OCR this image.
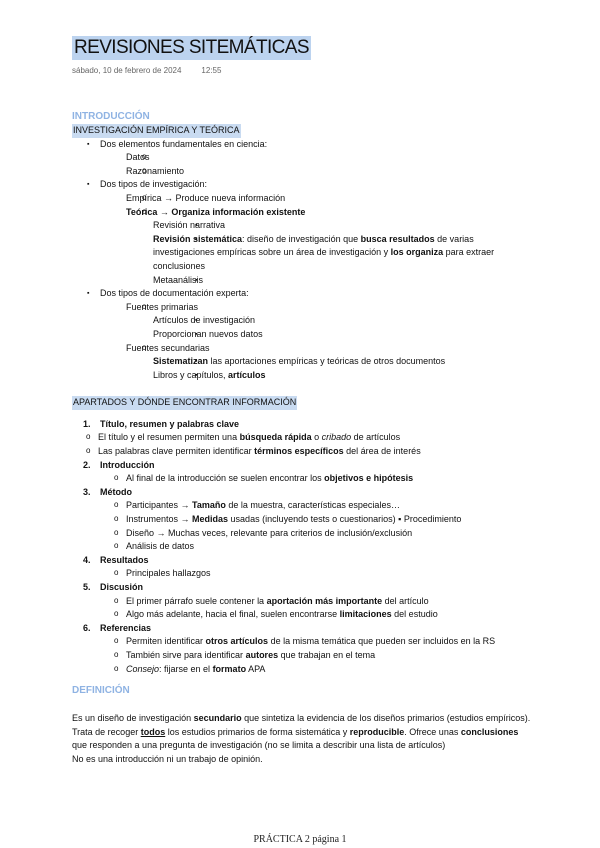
REVISIONES SITEMÁTICAS
sábado, 10 de febrero de 2024	12:55
INTRODUCCIÓN
INVESTIGACIÓN EMPÍRICA Y TEÓRICA
▪ Dos elementos fundamentales en ciencia:
o Datos
o Razonamiento
▪ Dos tipos de investigación:
o Empírica → Produce nueva información
o Teórica → Organiza información existente
▪ Revisión narrativa
▪ Revisión sistemática: diseño de investigación que busca resultados de varias investigaciones empíricas sobre un área de investigación y los organiza para extraer conclusiones
▪ Metaanálisis
▪ Dos tipos de documentación experta:
o Fuentes primarias
▪ Artículos de investigación
▪ Proporcionan nuevos datos
o Fuentes secundarias
▪ Sistematizan las aportaciones empíricas y teóricas de otros documentos
▪ Libros y capítulos, artículos
APARTADOS Y DÓNDE ENCONTRAR INFORMACIÓN
1. Título, resumen y palabras clave
o El título y el resumen permiten una búsqueda rápida o cribado de artículos
o Las palabras clave permiten identificar términos específicos del área de interés
2. Introducción
o Al final de la introducción se suelen encontrar los objetivos e hipótesis
3. Método
o Participantes → Tamaño de la muestra, características especiales…
o Instrumentos → Medidas usadas (incluyendo tests o cuestionarios) ▪ Procedimiento
o Diseño → Muchas veces, relevante para criterios de inclusión/exclusión
o Análisis de datos
4. Resultados
o Principales hallazgos
5. Discusión
o El primer párrafo suele contener la aportación más importante del artículo
o Algo más adelante, hacia el final, suelen encontrarse limitaciones del estudio
6. Referencias
o Permiten identificar otros artículos de la misma temática que pueden ser incluidos en la RS
o También sirve para identificar autores que trabajan en el tema
o Consejo: fijarse en el formato APA
DEFINICIÓN

Es un diseño de investigación secundario que sintetiza la evidencia de los diseños primarios (estudios empíricos). Trata de recoger todos los estudios primarios de forma sistemática y reproducible. Ofrece unas conclusiones que responden a una pregunta de investigación (no se limita a describir una lista de artículos)

No es una introducción ni un trabajo de opinión.

PRÁCTICA 2 página 1
